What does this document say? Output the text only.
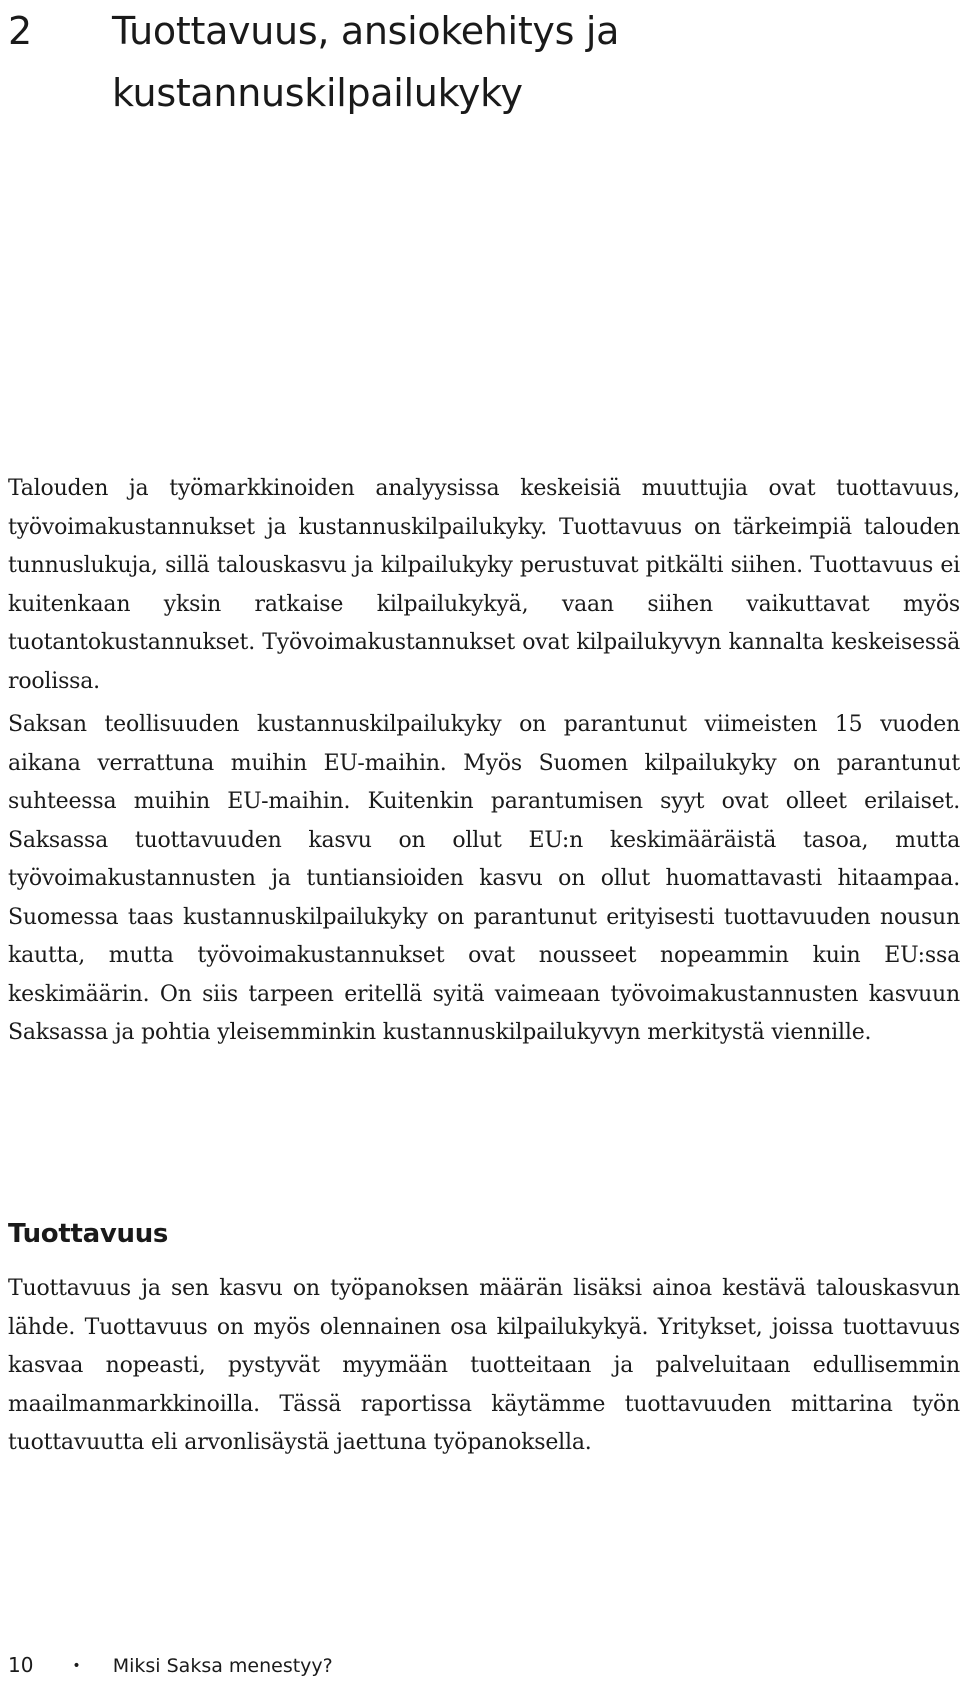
2 Tuottavuus, ansiokehitys ja
kustannuskilpailukyky

Talouden ja työmarkkinoiden analyysissa keskeisiä muuttujia ovat tuottavuus, työvoimakustannukset ja kustannuskilpailukyky. Tuottavuus on tärkeimpiä talouden tunnuslukuja, sillä talouskasvu ja kilpailukyky perustuvat pitkälti siihen. Tuottavuus ei kuitenkaan yksin ratkaise kilpailukykyä, vaan siihen vaikuttavat myös tuotantokustannukset. Työvoimakustannukset ovat kilpailukyvyn kannalta keskeisessä roolissa.

Saksan teollisuuden kustannuskilpailukyky on parantunut viimeisten 15 vuoden aikana verrattuna muihin EU-maihin. Myös Suomen kilpailukyky on parantunut suhteessa muihin EU-maihin. Kuitenkin parantumisen syyt ovat olleet erilaiset. Saksassa tuottavuuden kasvu on ollut EU:n keskimääräistä tasoa, mutta työvoimakustannusten ja tuntiansioiden kasvu on ollut huomattavasti hitaampaa. Suomessa taas kustannuskilpailukyky on parantunut erityisesti tuottavuuden nousun kautta, mutta työvoimakustannukset ovat nousseet nopeammin kuin EU:ssa keskimäärin. On siis tarpeen eritellä syitä vaimeaan työvoimakustannusten kasvuun Saksassa ja pohtia yleisemminkin kustannuskilpailukyvyn merkitystä viennille.

Tuottavuus

Tuottavuus ja sen kasvu on työpanoksen määrän lisäksi ainoa kestävä talouskasvun lähde. Tuottavuus on myös olennainen osa kilpailukykyä. Yritykset, joissa tuottavuus kasvaa nopeasti, pystyvät myymään tuotteitaan ja palveluitaan edullisemmin maailmanmarkkinoilla. Tässä raportissa käytämme tuottavuuden mittarina työn tuottavuutta eli arvonlisäystä jaettuna työpanoksella.

10	• Miksi Saksa menestyy?
